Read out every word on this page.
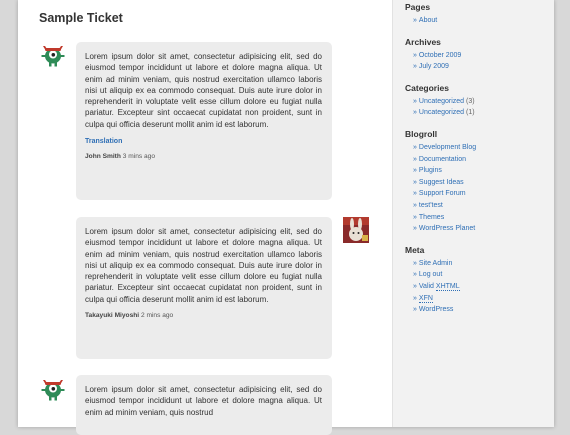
Sample Ticket

Lorem ipsum dolor sit amet, consectetur adipisicing elit, sed do eiusmod tempor incididunt ut labore et dolore magna aliqua. Ut enim ad minim veniam, quis nostrud exercitation ullamco laboris nisi ut aliquip ex ea commodo consequat. Duis aute irure dolor in reprehenderit in voluptate velit esse cillum dolore eu fugiat nulla pariatur. Excepteur sint occaecat cupidatat non proident, sunt in culpa qui officia deserunt mollit anim id est laborum.

Translation
John Smith 3 mins ago

Lorem ipsum dolor sit amet, consectetur adipisicing elit, sed do eiusmod tempor incididunt ut labore et dolore magna aliqua. Ut enim ad minim veniam, quis nostrud exercitation ullamco laboris nisi ut aliquip ex ea commodo consequat. Duis aute irure dolor in reprehenderit in voluptate velit esse cillum dolore eu fugiat nulla pariatur. Excepteur sint occaecat cupidatat non proident, sunt in culpa qui officia deserunt mollit anim id est laborum.

Takayuki Miyoshi 2 mins ago

Lorem ipsum dolor sit amet, consectetur adipisicing elit, sed do eiusmod tempor incididunt ut labore et dolore magna aliqua. Ut enim ad minim veniam, quis nostrud

Pages
» About
Archives
» October 2009
» July 2009
Categories
» Uncategorized (3)
» Uncategorized (1)
Blogroll
» Development Blog
» Documentation
» Plugins
» Suggest Ideas
» Support Forum
» test'test
» Themes
» WordPress Planet
Meta
» Site Admin
» Log out
» Valid XHTML
» XFN
» WordPress
